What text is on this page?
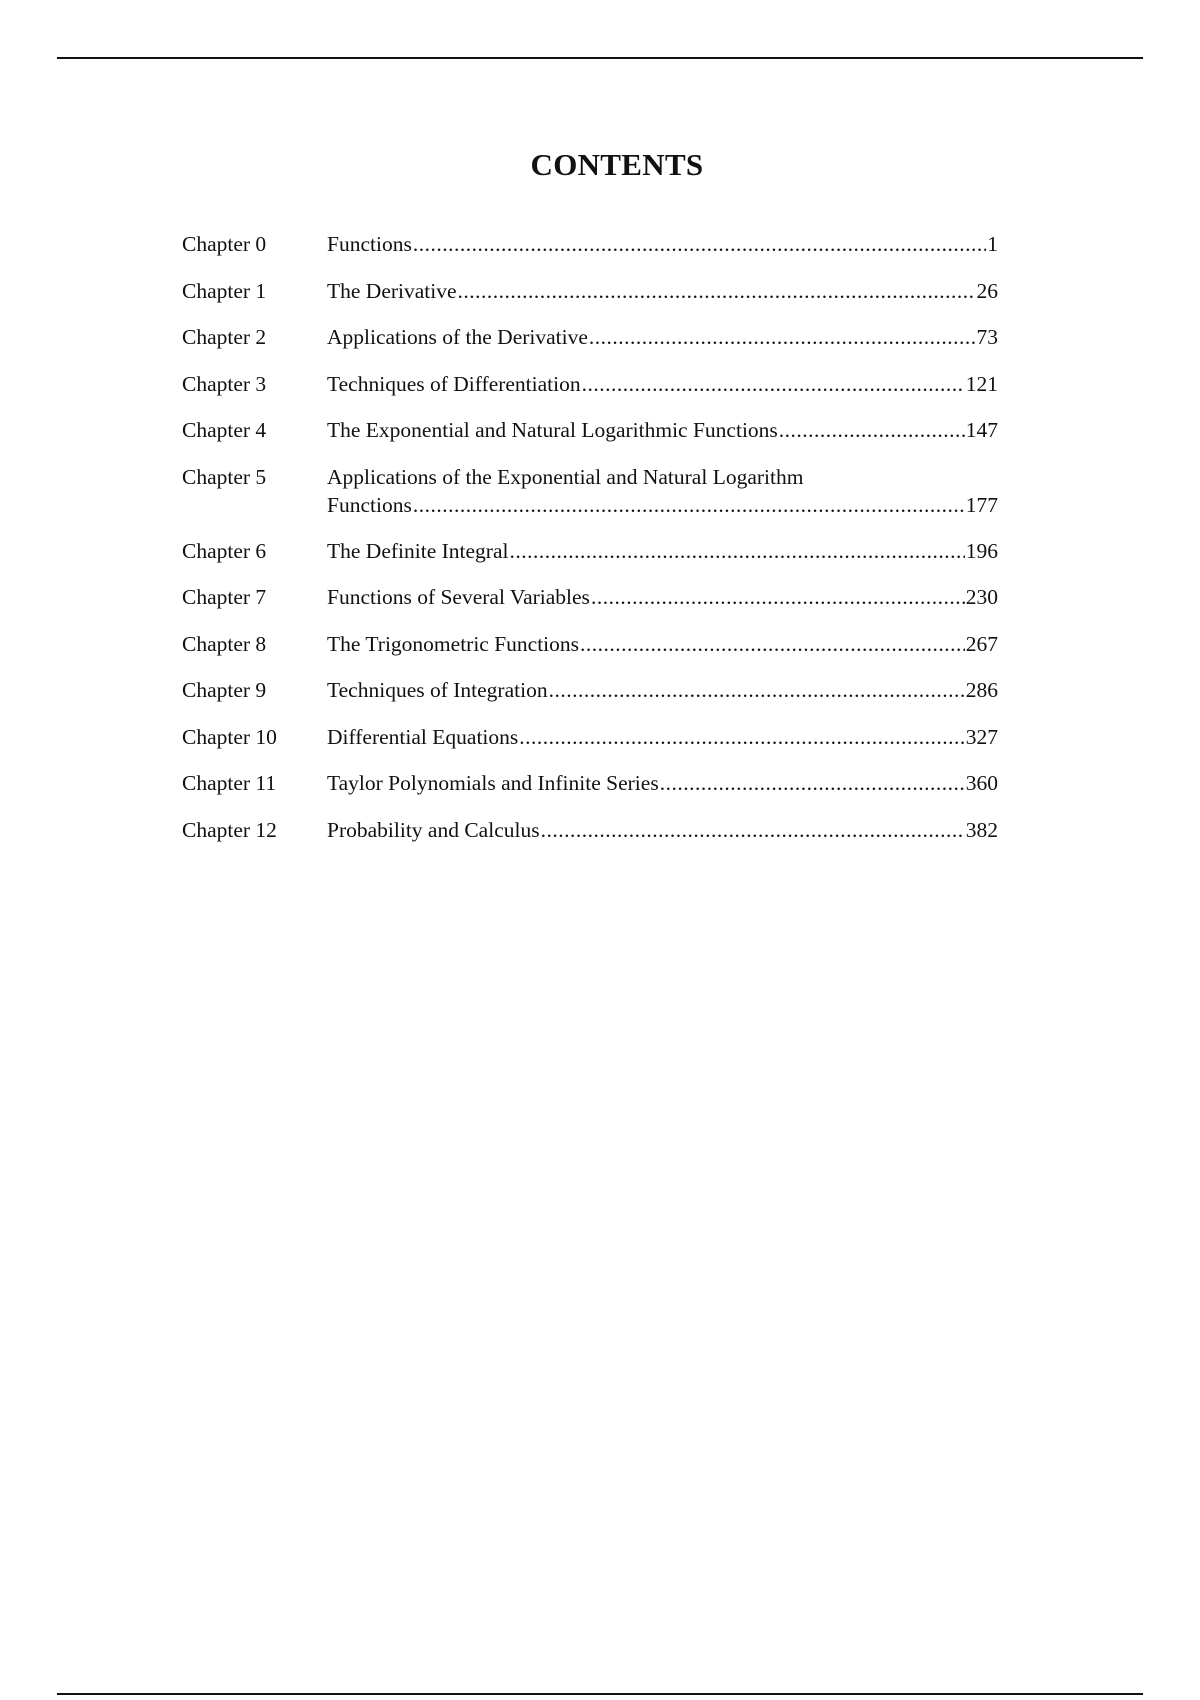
CONTENTS
Chapter 0	Functions .....	1
Chapter 1	The Derivative .....	26
Chapter 2	Applications of the Derivative .....	73
Chapter 3	Techniques of Differentiation .....	121
Chapter 4	The Exponential and Natural Logarithmic Functions .....	147
Chapter 5	Applications of the Exponential and Natural Logarithm
Functions .....	177
Chapter 6	The Definite Integral .....	196
Chapter 7	Functions of Several Variables .....	230
Chapter 8	The Trigonometric Functions .....	267
Chapter 9	Techniques of Integration .....	286
Chapter 10	Differential Equations .....	327
Chapter 11	Taylor Polynomials and Infinite Series .....	360
Chapter 12	Probability and Calculus .....	382
